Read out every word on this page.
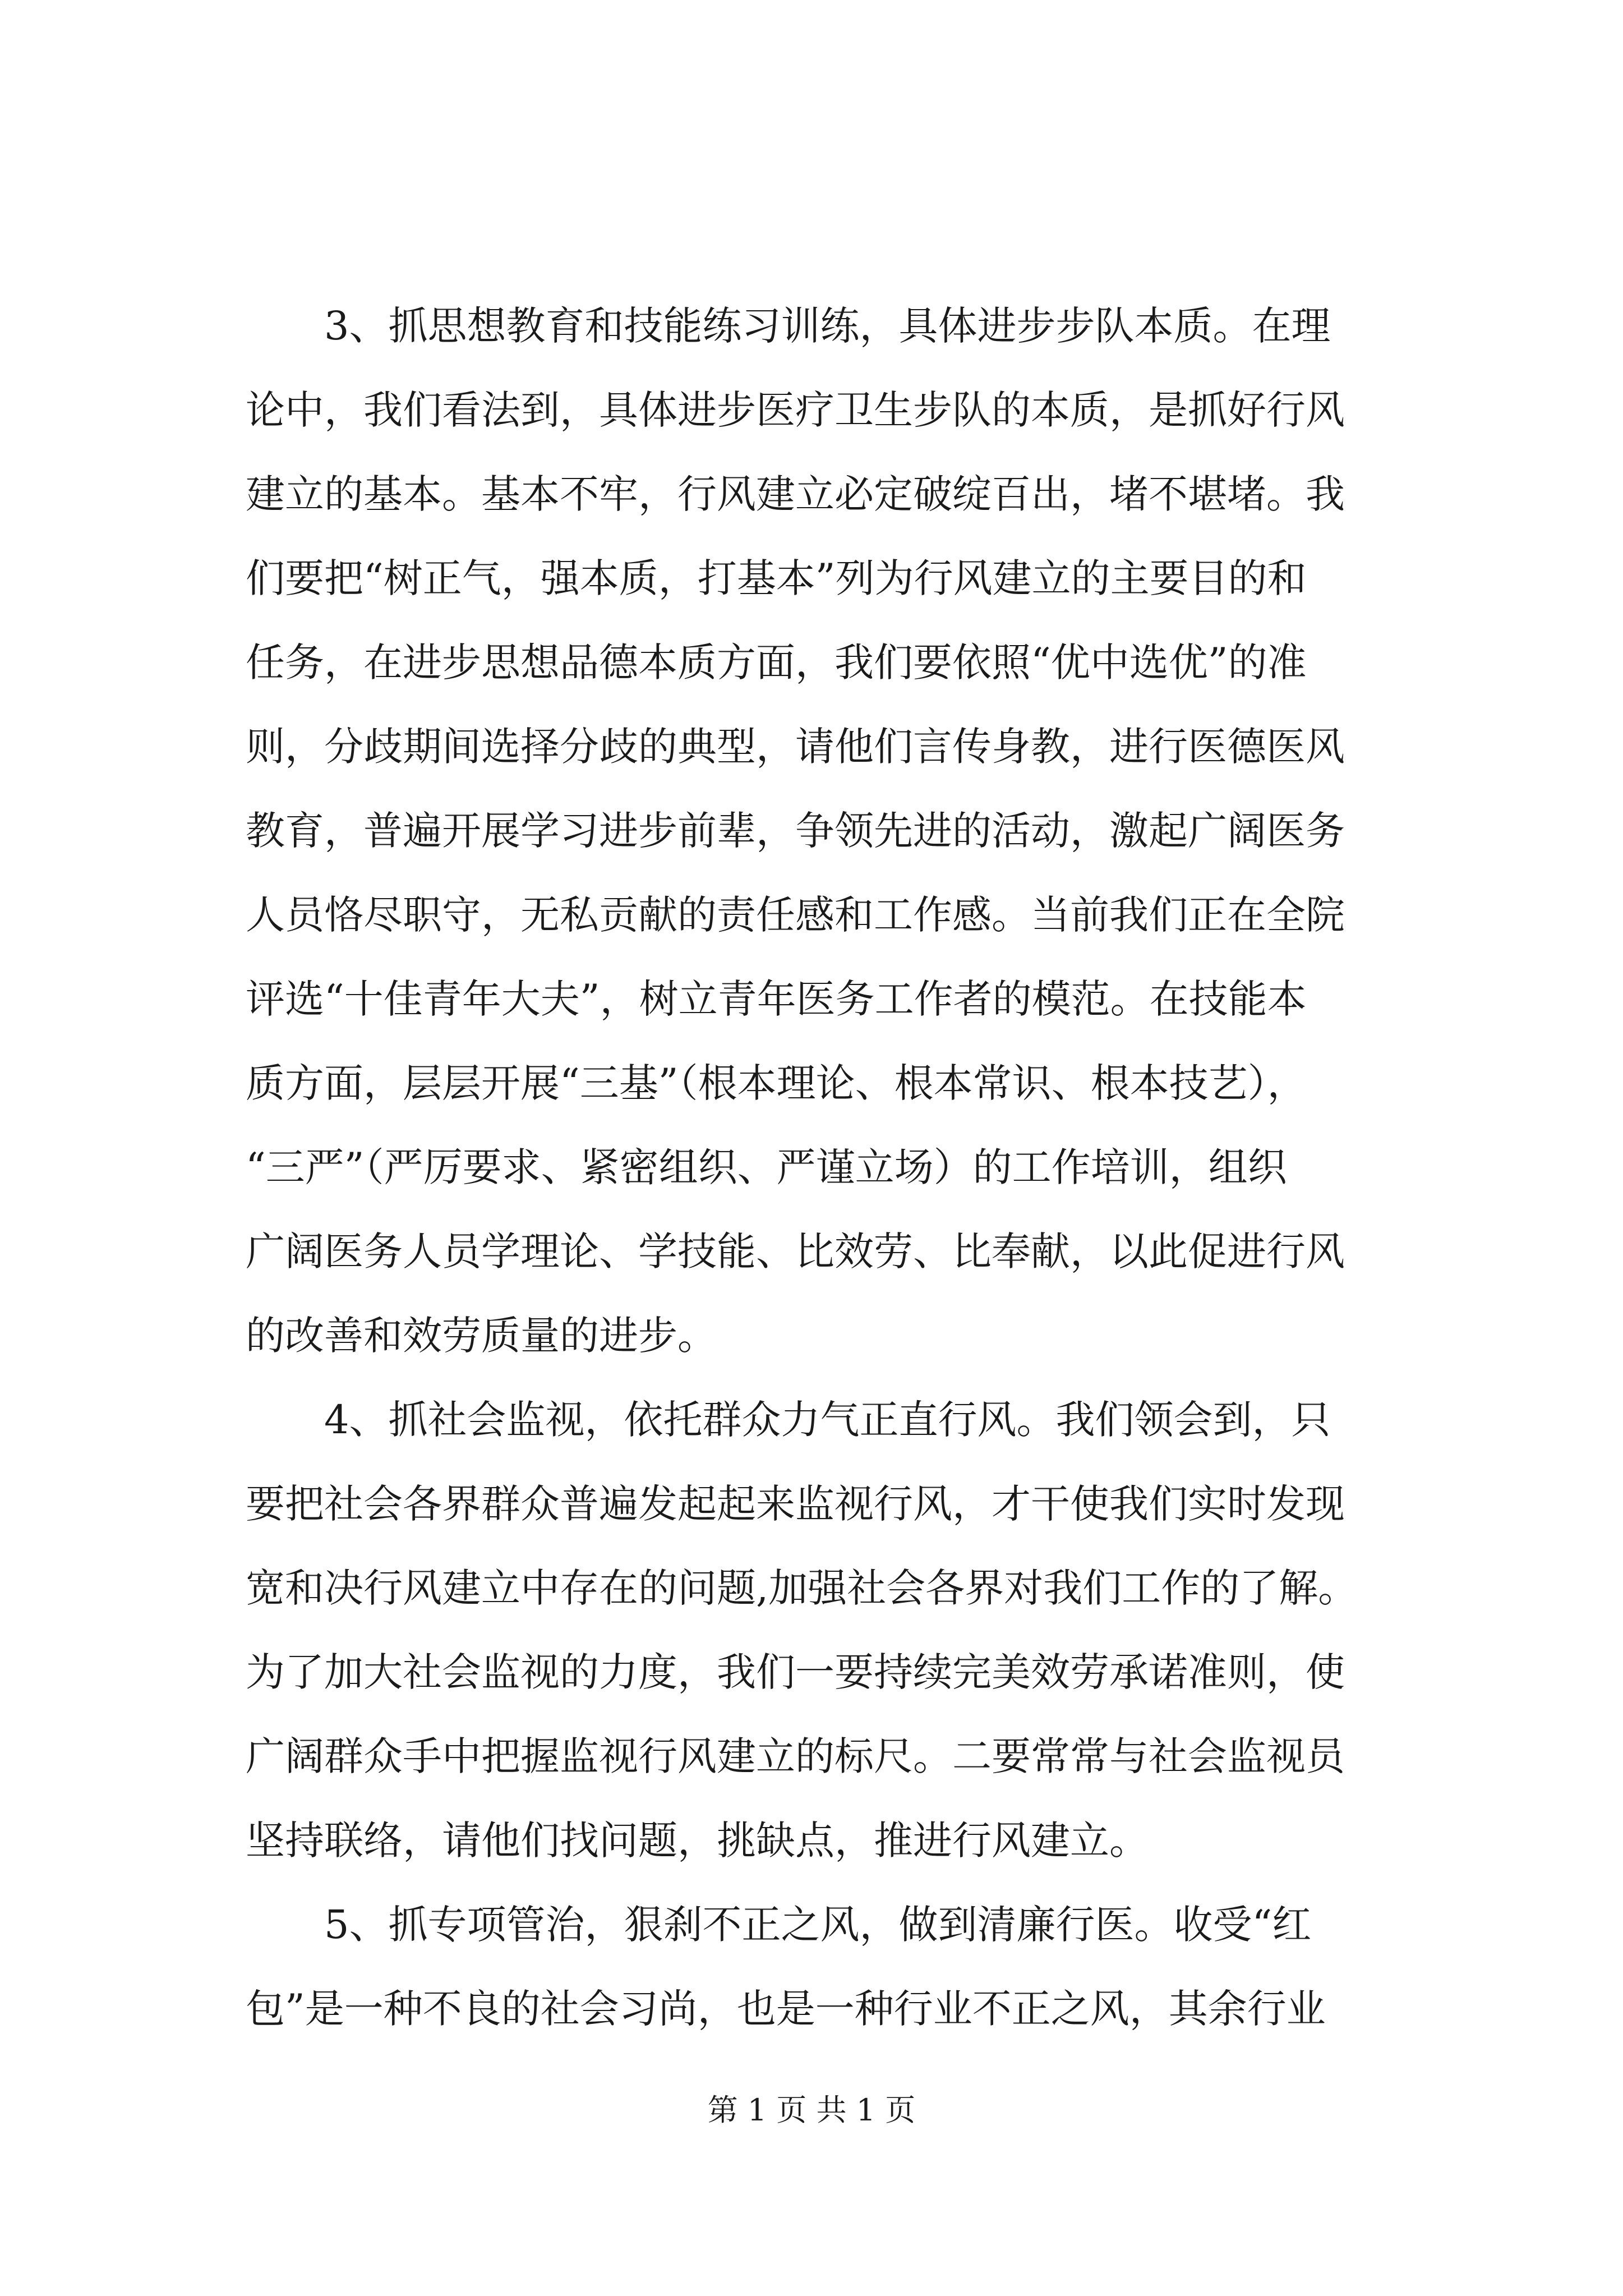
　　3、抓思想教育和技能练习训练，具体进步步队本质。在理
论中，我们看法到，具体进步医疗卫生步队的本质，是抓好行风
建立的基本。基本不牢，行风建立必定破绽百出，堵不堪堵。我
们要把“树正气，强本质，打基本”列为行风建立的主要目的和
任务，在进步思想品德本质方面，我们要依照“优中选优”的准
则，分歧期间选择分歧的典型，请他们言传身教，进行医德医风
教育，普遍开展学习进步前辈，争领先进的活动，激起广阔医务
人员恪尽职守，无私贡献的责任感和工作感。当前我们正在全院
评选“十佳青年大夫”，树立青年医务工作者的模范。在技能本
质方面，层层开展“三基”（根本理论、根本常识、根本技艺），
“三严”（严厉要求、紧密组织、严谨立场）的工作培训，组织
广阔医务人员学理论、学技能、比效劳、比奉献，以此促进行风
的改善和效劳质量的进步。
　　4、抓社会监视，依托群众力气正直行风。我们领会到，只
要把社会各界群众普遍发起起来监视行风，才干使我们实时发现
宽和决行风建立中存在的问题,加强社会各界对我们工作的了解。
为了加大社会监视的力度，我们一要持续完美效劳承诺准则，使
广阔群众手中把握监视行风建立的标尺。二要常常与社会监视员
坚持联络，请他们找问题，挑缺点，推进行风建立。
　　5、抓专项管治，狠刹不正之风，做到清廉行医。收受“红
包”是一种不良的社会习尚，也是一种行业不正之风，其余行业
第 1 页 共 1 页
